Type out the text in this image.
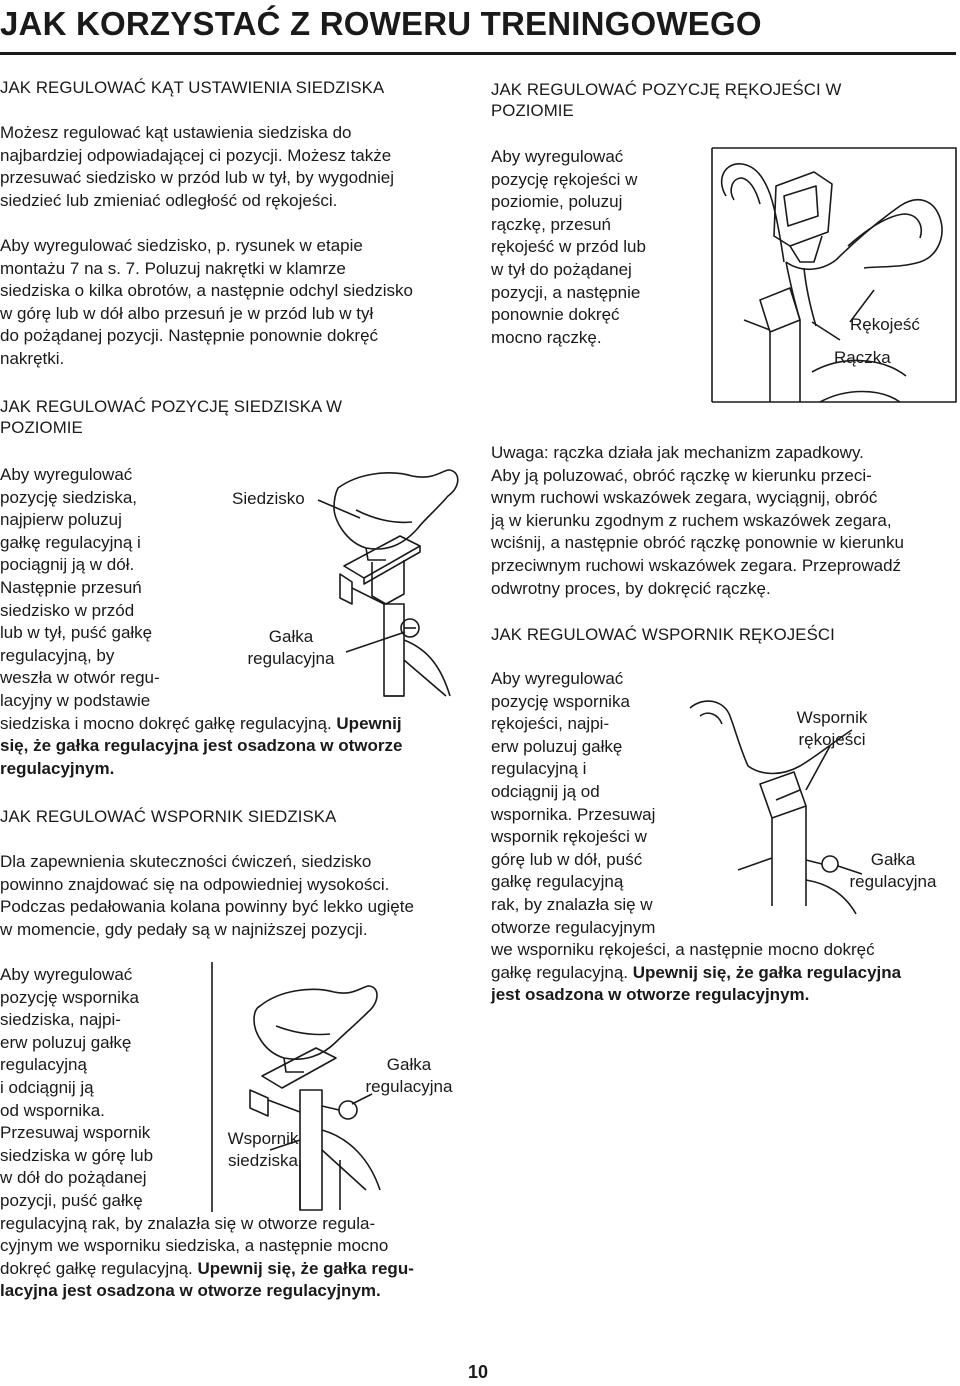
JAK KORZYSTAĆ Z ROWERU TRENINGOWEGO
JAK REGULOWAĆ KĄT USTAWIENIA SIEDZISKA

Możesz regulować kąt ustawienia siedziska do

najbardziej odpowiadającej ci pozycji. Możesz także

przesuwać siedzisko w przód lub w tył, by wygodniej

siedzieć lub zmieniać odległość od rękojeści.

Aby wyregulować siedzisko, p. rysunek w etapie

montażu 7 na s. 7. Poluzuj nakrętki w klamrze

siedziska o kilka obrotów, a następnie odchyl siedzisko

w górę lub w dół albo przesuń je w przód lub w tył

do pożądanej pozycji. Następnie ponownie dokręć

nakrętki.

JAK REGULOWAĆ POZYCJĘ SIEDZISKA W
POZIOMIE

Aby wyregulować

pozycję siedziska,

najpierw poluzuj

gałkę regulacyjną i

pociągnij ją w dół.

Następnie przesuń

siedzisko w przód

lub w tył, puść gałkę

regulacyjną, by

weszła w otwór regu-

lacyjny w podstawie

siedziska i mocno dokręć gałkę regulacyjną. Upewnij

się, że gałka regulacyjna jest osadzona w otworze

regulacyjnym.

Siedzisko
Gałka
regulacyjna
JAK REGULOWAĆ WSPORNIK SIEDZISKA

Dla zapewnienia skuteczności ćwiczeń, siedzisko

powinno znajdować się na odpowiedniej wysokości.

Podczas pedałowania kolana powinny być lekko ugięte

w momencie, gdy pedały są w najniższej pozycji.

Aby wyregulować

pozycję wspornika

siedziska, najpi-

erw poluzuj gałkę

regulacyjną

i odciągnij ją

od wspornika.

Przesuwaj wspornik

siedziska w górę lub

w dół do pożądanej

pozycji, puść gałkę

regulacyjną rak, by znalazła się w otworze regula-

cyjnym we wsporniku siedziska, a następnie mocno

dokręć gałkę regulacyjną. Upewnij się, że gałka regu-

lacyjna jest osadzona w otworze regulacyjnym.

Gałka
regulacyjna
Wspornik
siedziska
JAK REGULOWAĆ POZYCJĘ RĘKOJEŚCI W
POZIOMIE

Aby wyregulować

pozycję rękojeści w

poziomie, poluzuj

rączkę, przesuń

rękojeść w przód lub

w tył do pożądanej

pozycji, a następnie

ponownie dokręć

mocno rączkę.

Rękojeść
Rączka

Uwaga: rączka działa jak mechanizm zapadkowy.

Aby ją poluzować, obróć rączkę w kierunku przeci-

wnym ruchowi wskazówek zegara, wyciągnij, obróć

ją w kierunku zgodnym z ruchem wskazówek zegara,

wciśnij, a następnie obróć rączkę ponownie w kierunku

przeciwnym ruchowi wskazówek zegara. Przeprowadź

odwrotny proces, by dokręcić rączkę.

JAK REGULOWAĆ WSPORNIK RĘKOJEŚCI

Aby wyregulować

pozycję wspornika

rękojeści, najpi-

erw poluzuj gałkę

regulacyjną i

odciągnij ją od

wspornika. Przesuwaj

wspornik rękojeści w

górę lub w dół, puść

gałkę regulacyjną

rak, by znalazła się w

otworze regulacyjnym

we wsporniku rękojeści, a następnie mocno dokręć

gałkę regulacyjną. Upewnij się, że gałka regulacyjna

jest osadzona w otworze regulacyjnym.

Wspornik
rękojeści
Gałka
regulacyjna
10
